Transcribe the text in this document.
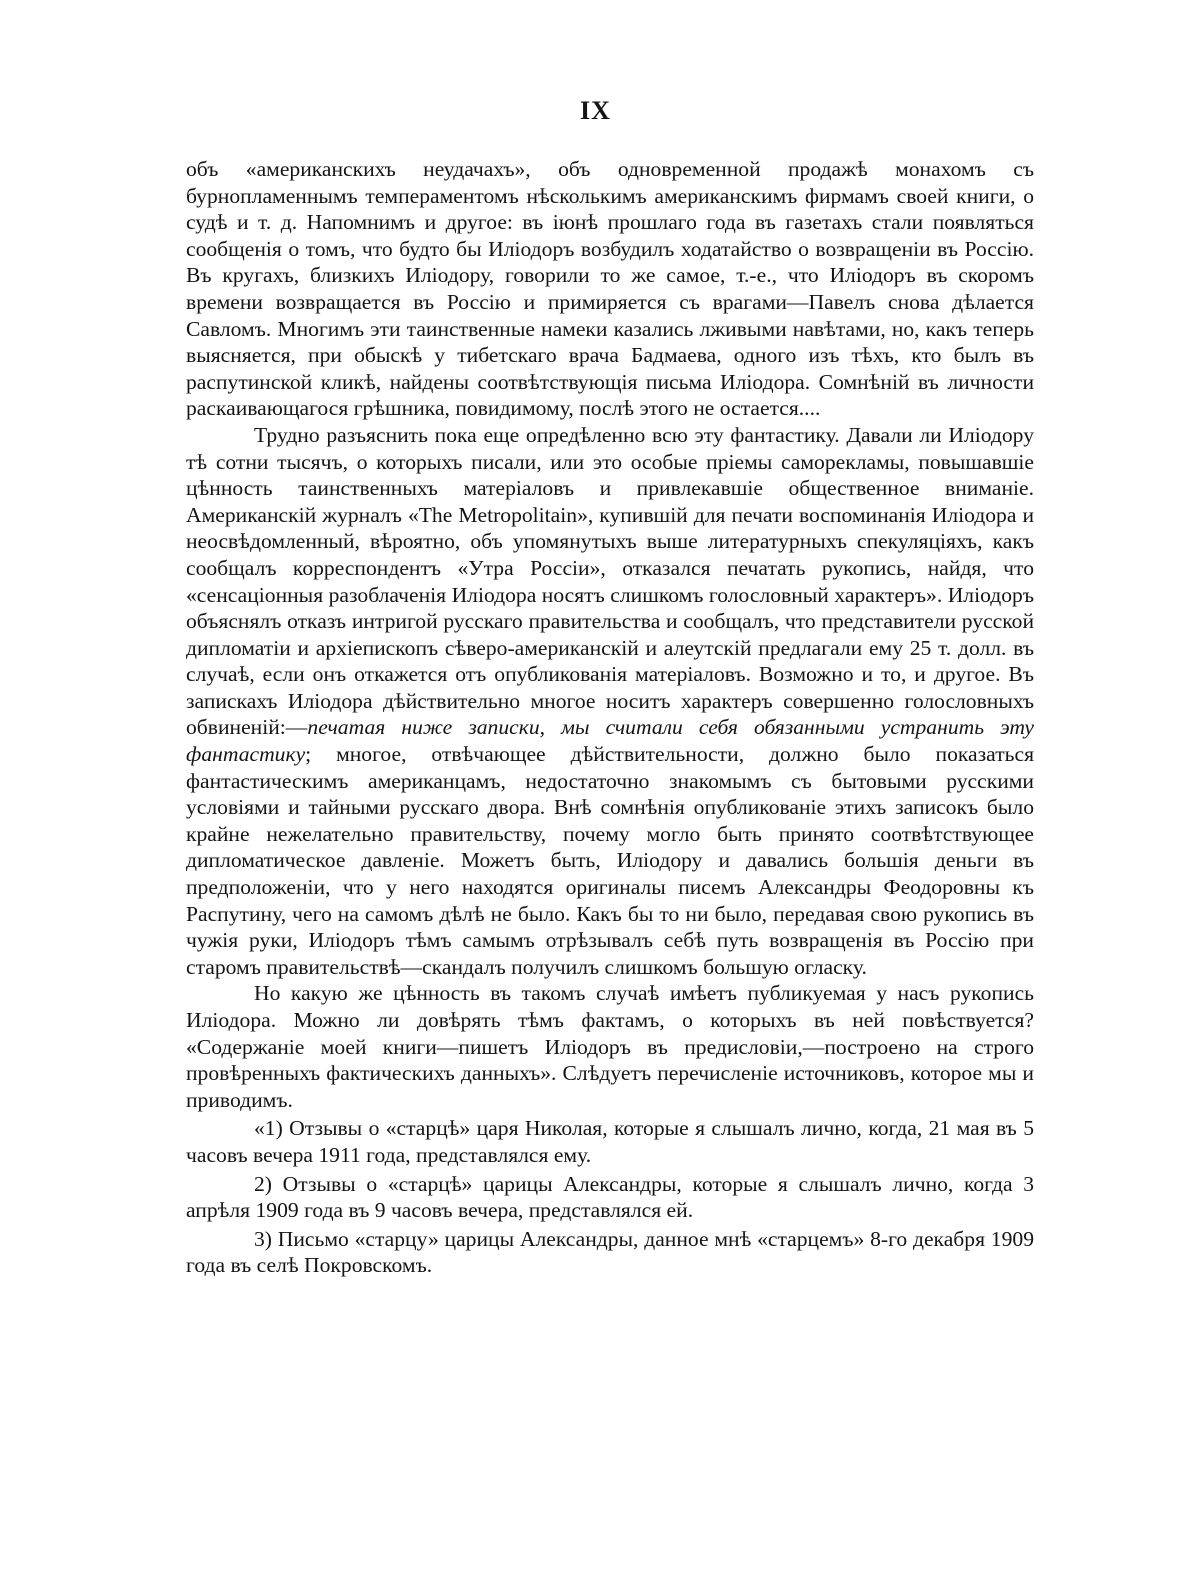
IX

объ «американскихъ неудачахъ», объ одновременной продажѣ монахомъ съ бурнопламеннымъ темпераментомъ нѣсколькимъ американскимъ фирмамъ своей книги, о судѣ и т. д. Напомнимъ и другое: въ іюнѣ прошлаго года въ газетахъ стали появляться сообщенія о томъ, что будто бы Иліодоръ возбудилъ ходатайство о возвращеніи въ Россію. Въ кругахъ, близкихъ Иліодору, говорили то же самое, т.-е., что Иліодоръ въ скоромъ времени возвращается въ Россію и примиряется съ врагами—Павелъ снова дѣлается Савломъ. Многимъ эти таинственные намеки казались лживыми навѣтами, но, какъ теперь выясняется, при обыскѣ у тибетскаго врача Бадмаева, одного изъ тѣхъ, кто былъ въ распутинской кликѣ, найдены соотвѣтствующія письма Иліодора. Сомнѣній въ личности раскаивающагося грѣшника, повидимому, послѣ этого не остается....

Трудно разъяснить пока еще опредѣленно всю эту фантастику. Давали ли Иліодору тѣ сотни тысячъ, о которыхъ писали, или это особые пріемы саморекламы, повышавшіе цѣнность таинственныхъ матеріаловъ и привлекавшіе общественное вниманіе. Американскій журналъ «The Metropolitain», купившій для печати воспоминанія Иліодора и неосвѣдомленный, вѣроятно, объ упомянутыхъ выше литературныхъ спекуляціяхъ, какъ сообщалъ корреспондентъ «Утра Россіи», отказался печатать рукопись, найдя, что «сенсаціонныя разоблаченія Иліодора носятъ слишкомъ голословный характеръ». Иліодоръ объяснялъ отказъ интригой русскаго правительства и сообщалъ, что представители русской дипломатіи и архіепископъ сѣверо-американскій и алеутскій предлагали ему 25 т. долл. въ случаѣ, если онъ откажется отъ опубликованія матеріаловъ. Возможно и то, и другое. Въ запискахъ Иліодора дѣйствительно многое носитъ характеръ совершенно голословныхъ обвиненій:—печатая ниже записки, мы считали себя обязанными устранить эту фантастику; многое, отвѣчающее дѣйствительности, должно было показаться фантастическимъ американцамъ, недостаточно знакомымъ съ бытовыми русскими условіями и тайными русскаго двора. Внѣ сомнѣнія опубликованіе этихъ записокъ было крайне нежелательно правительству, почему могло быть принято соотвѣтствующее дипломатическое давленіе. Можетъ быть, Иліодору и давались большія деньги въ предположеніи, что у него находятся оригиналы писемъ Александры Феодоровны къ Распутину, чего на самомъ дѣлѣ не было. Какъ бы то ни было, передавая свою рукопись въ чужія руки, Иліодоръ тѣмъ самымъ отрѣзывалъ себѣ путь возвращенія въ Россію при старомъ правительствѣ—скандалъ получилъ слишкомъ большую огласку.

Но какую же цѣнность въ такомъ случаѣ имѣетъ публикуемая у насъ рукопись Иліодора. Можно ли довѣрять тѣмъ фактамъ, о которыхъ въ ней повѣствуется? «Содержаніе моей книги—пишетъ Иліодоръ въ предисловіи,—построено на строго провѣренныхъ фактическихъ данныхъ». Слѣдуетъ перечисленіе источниковъ, которое мы и приводимъ.

«1) Отзывы о «старцѣ» царя Николая, которые я слышалъ лично, когда, 21 мая въ 5 часовъ вечера 1911 года, представлялся ему.

2) Отзывы о «старцѣ» царицы Александры, которые я слышалъ лично, когда 3 апрѣля 1909 года въ 9 часовъ вечера, представлялся ей.

3) Письмо «старцу» царицы Александры, данное мнѣ «старцемъ» 8-го декабря 1909 года въ селѣ Покровскомъ.
